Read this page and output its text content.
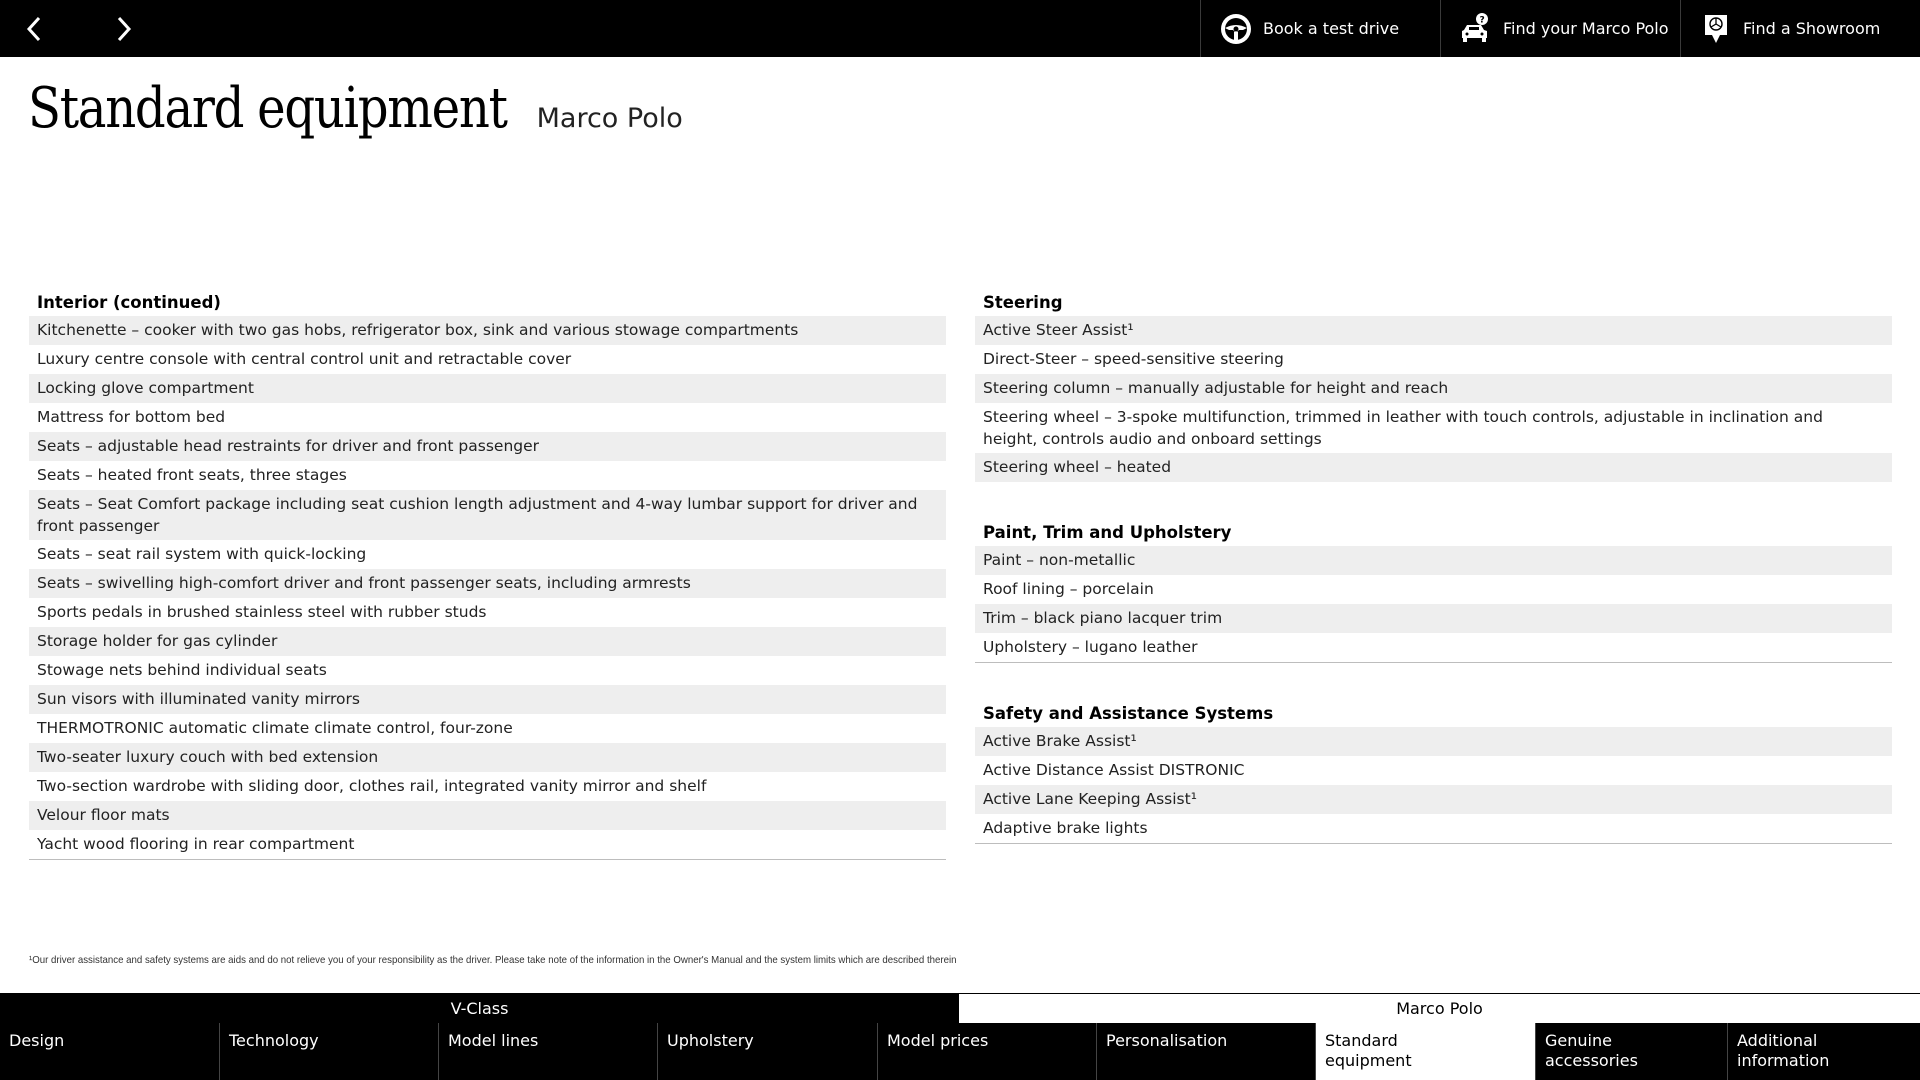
Book a test drive	? Find your Marco Polo	Find a Showroom
Standard equipment Marco Polo
Interior (continued)
Kitchenette – cooker with two gas hobs, refrigerator box, sink and various stowage compartments
Luxury centre console with central control unit and retractable cover
Locking glove compartment
Mattress for bottom bed
Seats – adjustable head restraints for driver and front passenger
Seats – heated front seats, three stages
Seats – Seat Comfort package including seat cushion length adjustment and 4-way lumbar support for driver and front passenger
Seats – seat rail system with quick-locking
Seats – swivelling high-comfort driver and front passenger seats, including armrests
Sports pedals in brushed stainless steel with rubber studs
Storage holder for gas cylinder
Stowage nets behind individual seats
Sun visors with illuminated vanity mirrors
THERMOTRONIC automatic climate climate control, four-zone
Two-seater luxury couch with bed extension
Two-section wardrobe with sliding door, clothes rail, integrated vanity mirror and shelf
Velour floor mats
Yacht wood flooring in rear compartment
Steering
Active Steer Assist¹
Direct-Steer – speed-sensitive steering
Steering column – manually adjustable for height and reach
Steering wheel – 3-spoke multifunction, trimmed in leather with touch controls, adjustable in inclination and height, controls audio and onboard settings
Steering wheel – heated
Paint, Trim and Upholstery
Paint – non-metallic
Roof lining – porcelain
Trim – black piano lacquer trim
Upholstery – lugano leather
Safety and Assistance Systems
Active Brake Assist¹
Active Distance Assist DISTRONIC
Active Lane Keeping Assist¹
Adaptive brake lights
¹Our driver assistance and safety systems are aids and do not relieve you of your responsibility as the driver. Please take note of the information in the Owner's Manual and the system limits which are described therein
V-Class	Marco Polo
Design	Technology	Model lines	Upholstery	Model prices	Personalisation	Standard equipment
Genuine accessories
Additional information
